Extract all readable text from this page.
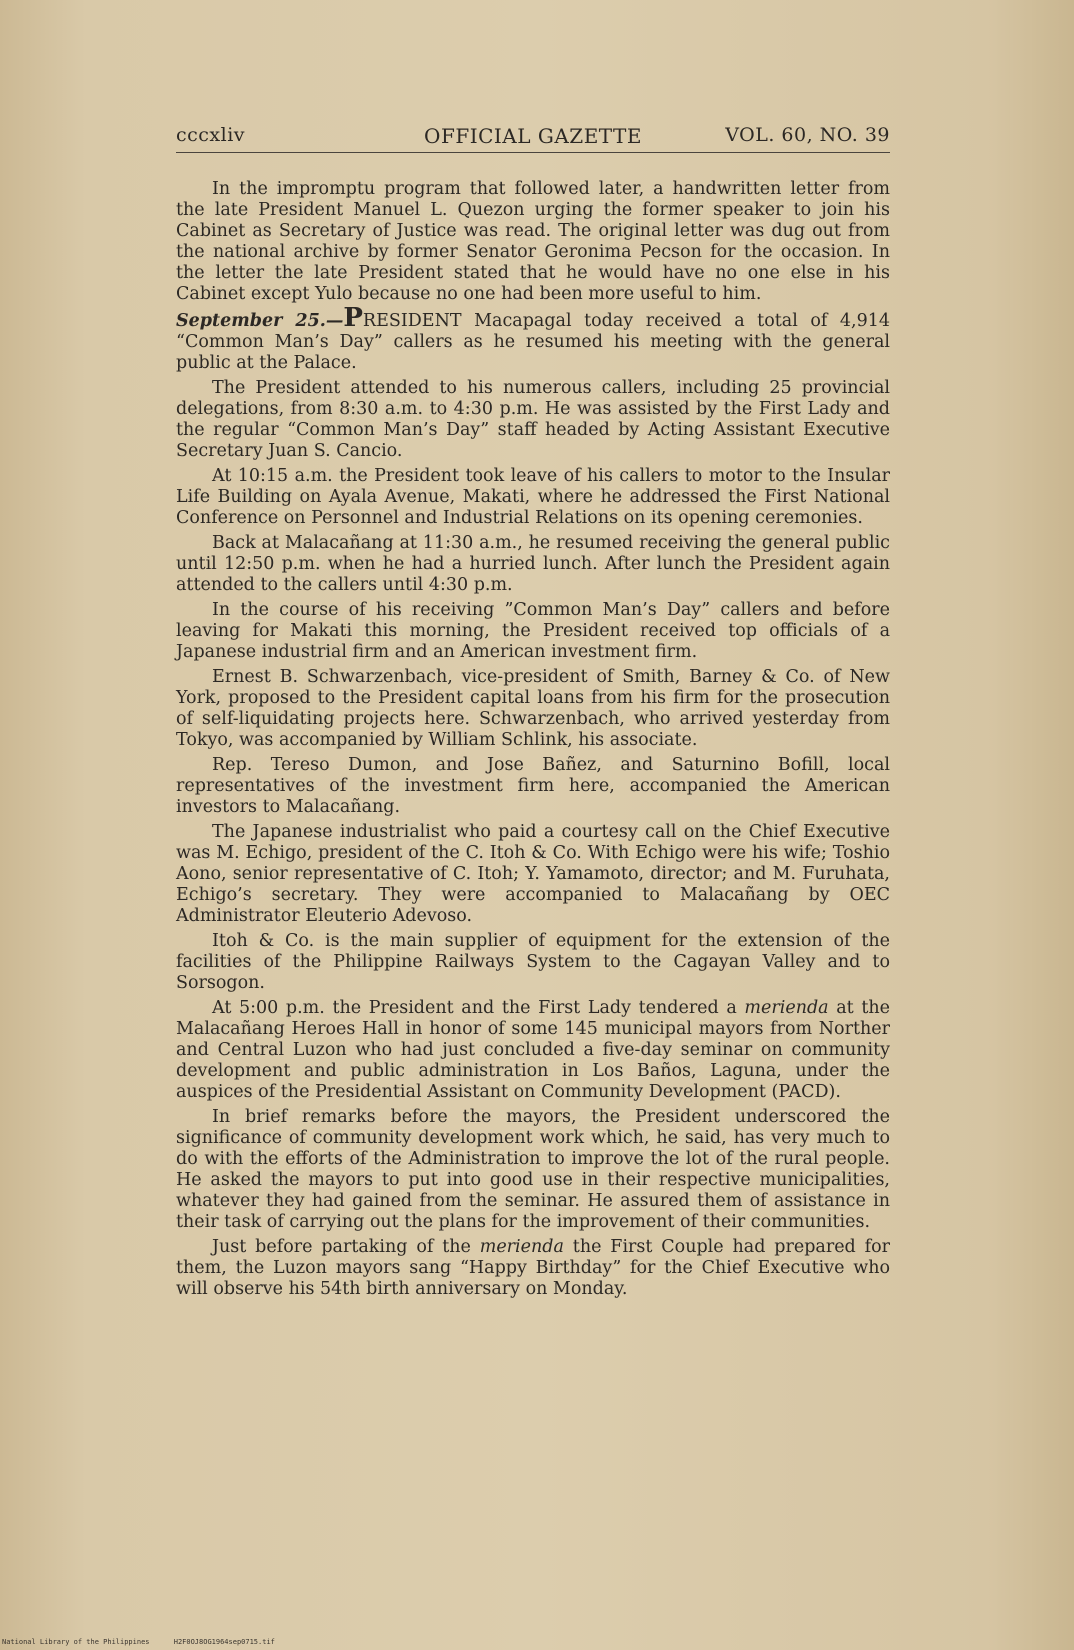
cccxliv	OFFICIAL GAZETTE	VOL. 60, NO. 39

In the impromptu program that followed later, a handwritten letter from the late President Manuel L. Quezon urging the former speaker to join his Cabinet as Secretary of Justice was read. The original letter was dug out from the national archive by former Senator Geronima Pecson for the occasion. In the letter the late President stated that he would have no one else in his Cabinet except Yulo because no one had been more useful to him.

September 25.—PRESIDENT Macapagal today received a total of 4,914 “Common Man’s Day” callers as he resumed his meeting with the general public at the Palace.

The President attended to his numerous callers, including 25 provincial delegations, from 8:30 a.m. to 4:30 p.m. He was assisted by the First Lady and the regular “Common Man’s Day” staff headed by Acting Assistant Executive Secretary Juan S. Cancio.

At 10:15 a.m. the President took leave of his callers to motor to the Insular Life Building on Ayala Avenue, Makati, where he addressed the First National Conference on Personnel and Industrial Relations on its opening ceremonies.

Back at Malacañang at 11:30 a.m., he resumed receiving the general public until 12:50 p.m. when he had a hurried lunch. After lunch the President again attended to the callers until 4:30 p.m.

In the course of his receiving ”Common Man’s Day” callers and before leaving for Makati this morning, the President received top officials of a Japanese industrial firm and an American investment firm.

Ernest B. Schwarzenbach, vice-president of Smith, Barney & Co. of New York, proposed to the President capital loans from his firm for the prosecution of self-liquidating projects here. Schwarzenbach, who arrived yesterday from Tokyo, was accompanied by William Schlink, his associate.

Rep. Tereso Dumon, and Jose Bañez, and Saturnino Bofill, local representatives of the investment firm here, accompanied the American investors to Malacañang.

The Japanese industrialist who paid a courtesy call on the Chief Executive was M. Echigo, president of the C. Itoh & Co. With Echigo were his wife; Toshio Aono, senior representative of C. Itoh; Y. Yamamoto, director; and M. Furuhata, Echigo’s secretary. They were accompanied to Malacañang by OEC Administrator Eleuterio Adevoso.

Itoh & Co. is the main supplier of equipment for the extension of the facilities of the Philippine Railways System to the Cagayan Valley and to Sorsogon.

At 5:00 p.m. the President and the First Lady tendered a merienda at the Malacañang Heroes Hall in honor of some 145 municipal mayors from Norther and Central Luzon who had just concluded a five-day seminar on community development and public administration in Los Baños, Laguna, under the auspices of the Presidential Assistant on Community Development (PACD).

In brief remarks before the mayors, the President underscored the significance of community development work which, he said, has very much to do with the efforts of the Administration to improve the lot of the rural people. He asked the mayors to put into good use in their respective municipalities, whatever they had gained from the seminar. He assured them of assistance in their task of carrying out the plans for the improvement of their communities.

Just before partaking of the merienda the First Couple had prepared for them, the Luzon mayors sang “Happy Birthday” for the Chief Executive who will observe his 54th birth anniversary on Monday.

National Library of the Philippines	H2F0OJ8OG1964sep0715.tif
